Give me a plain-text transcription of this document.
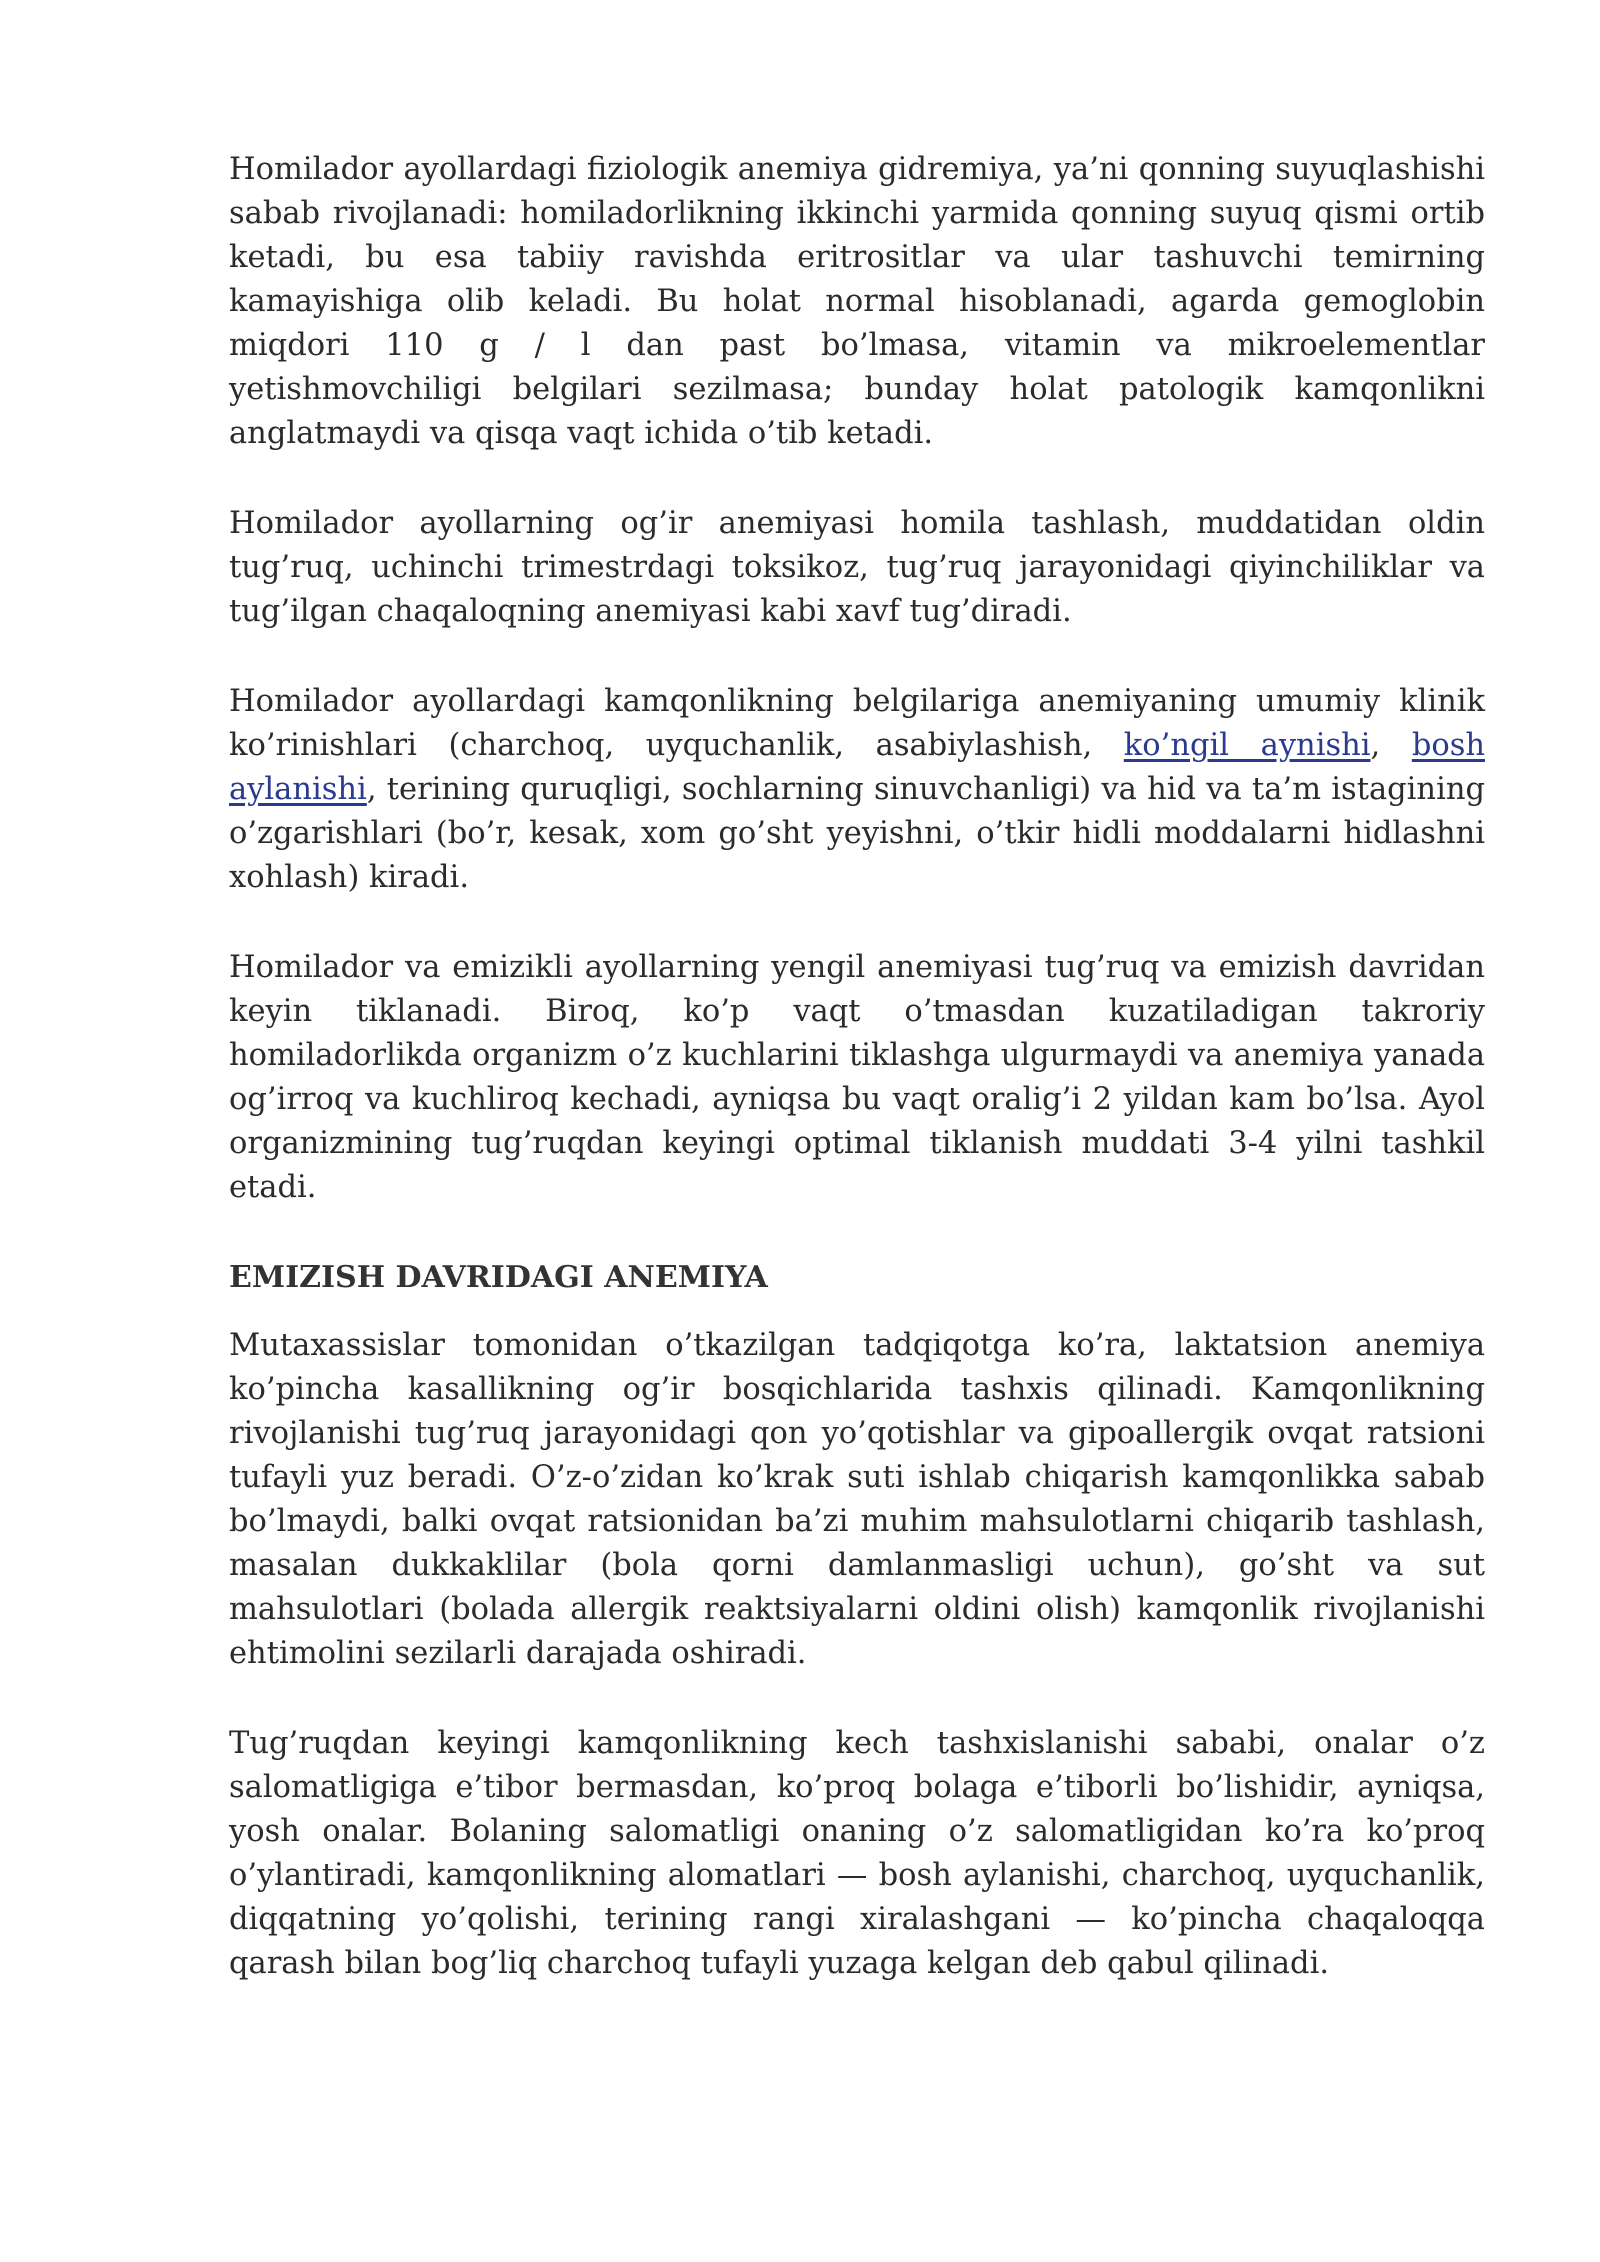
Homilador ayollardagi fiziologik anemiya gidremiya, ya’ni qonning suyuqlashishi sabab rivojlanadi: homiladorlikning ikkinchi yarmida qonning suyuq qismi ortib ketadi, bu esa tabiiy ravishda eritrositlar va ular tashuvchi temirning kamayishiga olib keladi. Bu holat normal hisoblanadi, agarda gemoglobin miqdori 110 g / l dan past bo’lmasa, vitamin va mikroelementlar yetishmovchiligi belgilari sezilmasa; bunday holat patologik kamqonlikni anglatmaydi va qisqa vaqt ichida o’tib ketadi.

Homilador ayollarning og’ir anemiyasi homila tashlash, muddatidan oldin tug’ruq, uchinchi trimestrdagi toksikoz, tug’ruq jarayonidagi qiyinchiliklar va tug’ilgan chaqaloqning anemiyasi kabi xavf tug’diradi.

Homilador ayollardagi kamqonlikning belgilariga anemiyaning umumiy klinik ko’rinishlari (charchoq, uyquchanlik, asabiylashish, ko’ngil aynishi, bosh aylanishi, terining quruqligi, sochlarning sinuvchanligi) va hid va ta’m istagining o’zgarishlari (bo’r, kesak, xom go’sht yeyishni, o’tkir hidli moddalarni hidlashni xohlash) kiradi.

Homilador va emizikli ayollarning yengil anemiyasi tug’ruq va emizish davridan keyin tiklanadi. Biroq, ko’p vaqt o’tmasdan kuzatiladigan takroriy homiladorlikda organizm o’z kuchlarini tiklashga ulgurmaydi va anemiya yanada og’irroq va kuchliroq kechadi, ayniqsa bu vaqt oralig’i 2 yildan kam bo’lsa. Ayol organizmining tug’ruqdan keyingi optimal tiklanish muddati 3-4 yilni tashkil etadi.

EMIZISH DAVRIDAGI ANEMIYA

Mutaxassislar tomonidan o’tkazilgan tadqiqotga ko’ra, laktatsion anemiya ko’pincha kasallikning og’ir bosqichlarida tashxis qilinadi. Kamqonlikning rivojlanishi tug’ruq jarayonidagi qon yo’qotishlar va gipoallergik ovqat ratsioni tufayli yuz beradi. O’z-o’zidan ko’krak suti ishlab chiqarish kamqonlikka sabab bo’lmaydi, balki ovqat ratsionidan ba’zi muhim mahsulotlarni chiqarib tashlash, masalan dukkaklilar (bola qorni damlanmasligi uchun), go’sht va sut mahsulotlari (bolada allergik reaktsiyalarni oldini olish) kamqonlik rivojlanishi ehtimolini sezilarli darajada oshiradi.

Tug’ruqdan keyingi kamqonlikning kech tashxislanishi sababi, onalar o’z salomatligiga e’tibor bermasdan, ko’proq bolaga e’tiborli bo’lishidir, ayniqsa, yosh onalar. Bolaning salomatligi onaning o’z salomatligidan ko’ra ko’proq o’ylantiradi, kamqonlikning alomatlari — bosh aylanishi, charchoq, uyquchanlik, diqqatning yo’qolishi, terining rangi xiralashgani — ko’pincha chaqaloqqa qarash bilan bog’liq charchoq tufayli yuzaga kelgan deb qabul qilinadi.
